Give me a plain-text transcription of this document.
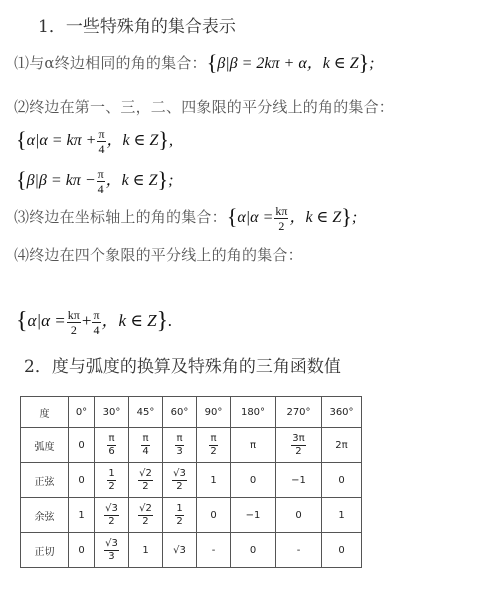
1．一些特殊角的集合表示
⑴与α终边相同的角的集合：{β|β = 2kπ + α，k ∈ Z};
⑵终边在第一、三，二、四象限的平分线上的角的集合：
{$\alpha|\alpha = k\pi + \frac{\pi}{4}$ ，k ∈ Z},
{$\beta|\beta = k\pi - \frac{\pi}{4}$ ，k ∈ Z};
⑶终边在坐标轴上的角的集合：{$\alpha|\alpha = \frac{k\pi}{2}$ ，k ∈ Z};
⑷终边在四个象限的平分线上的角的集合：
{$\alpha|\alpha = \frac{k\pi}{2} + \frac{\pi}{4}$ ，k ∈ Z}.
2．度与弧度的换算及特殊角的三角函数值
度	0°	30°	45°	60°	90°	180°	270°	360°
弧度	0	$\frac{\pi}{6}$	$\frac{\pi}{4}$	$\frac{\pi}{3}$	$\frac{\pi}{2}$	π	$\frac{3\pi}{2}$	2π
正弦	0	$\frac{1}{2}$	$\frac{√2}{2}$	$\frac{√3}{2}$	1	0	−1	0
余弦	1	$\frac{√3}{2}$	$\frac{√2}{2}$	$\frac{1}{2}$	0	−1	0	1
正切	0	$\frac{√3}{3}$	1	√3	-	0	-	0
